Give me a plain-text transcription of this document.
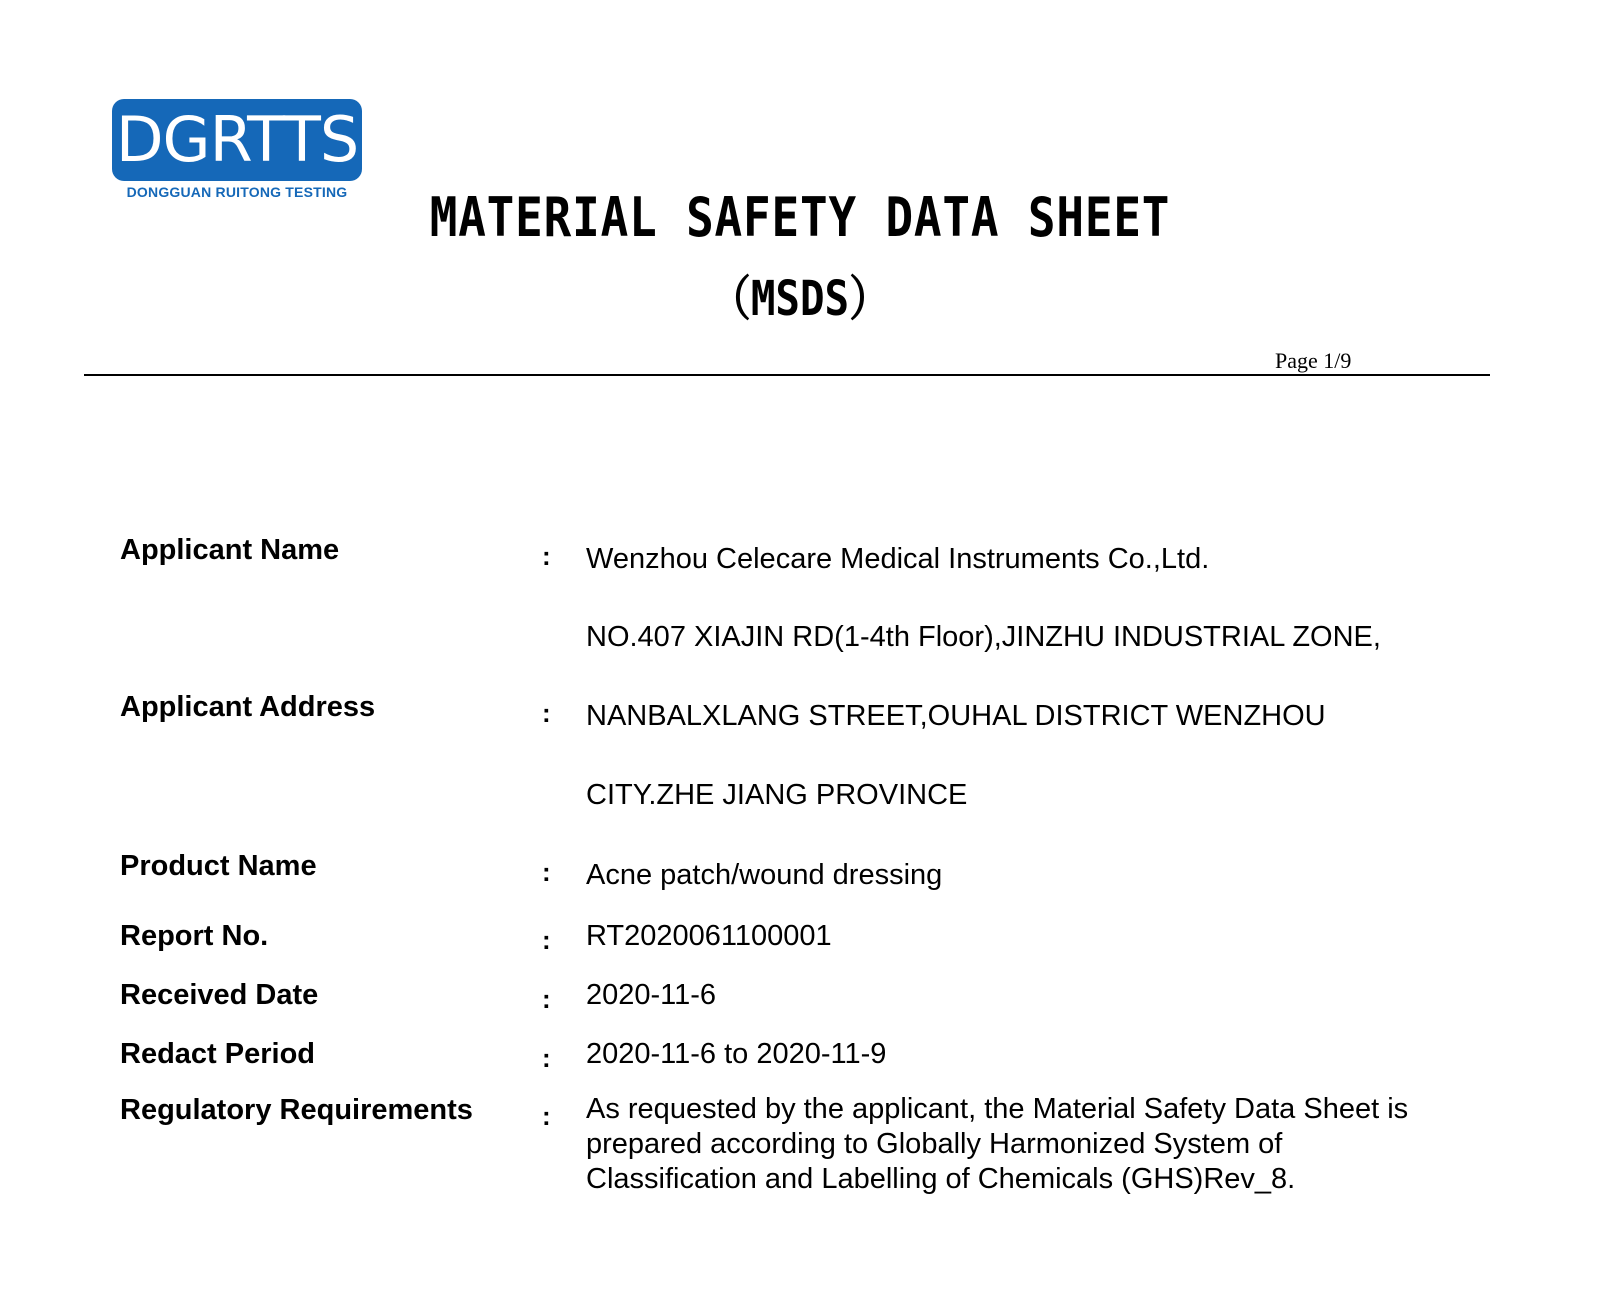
DGRTTS
DONGGUAN RUITONG TESTING	MATERIAL SAFETY DATA SHEET
（MSDS）
Page 1/9
Applicant Name	: Wenzhou Celecare Medical Instruments Co.,Ltd.
Applicant Address	:
NO.407 XIAJIN RD(1-4th Floor),JINZHU INDUSTRIAL ZONE,
NANBALXLANG STREET,OUHAL DISTRICT WENZHOU
CITY.ZHE JIANG PROVINCE
Product Name	: Acne patch/wound dressing
Report No.	: RT2020061100001
Received Date	: 2020-11-6
Redact Period	: 2020-11-6 to 2020-11-9
Regulatory Requirements	: As requested by the applicant, the Material Safety Data Sheet is
prepared according to Globally Harmonized System of
Classification and Labelling of Chemicals (GHS)Rev_8.
